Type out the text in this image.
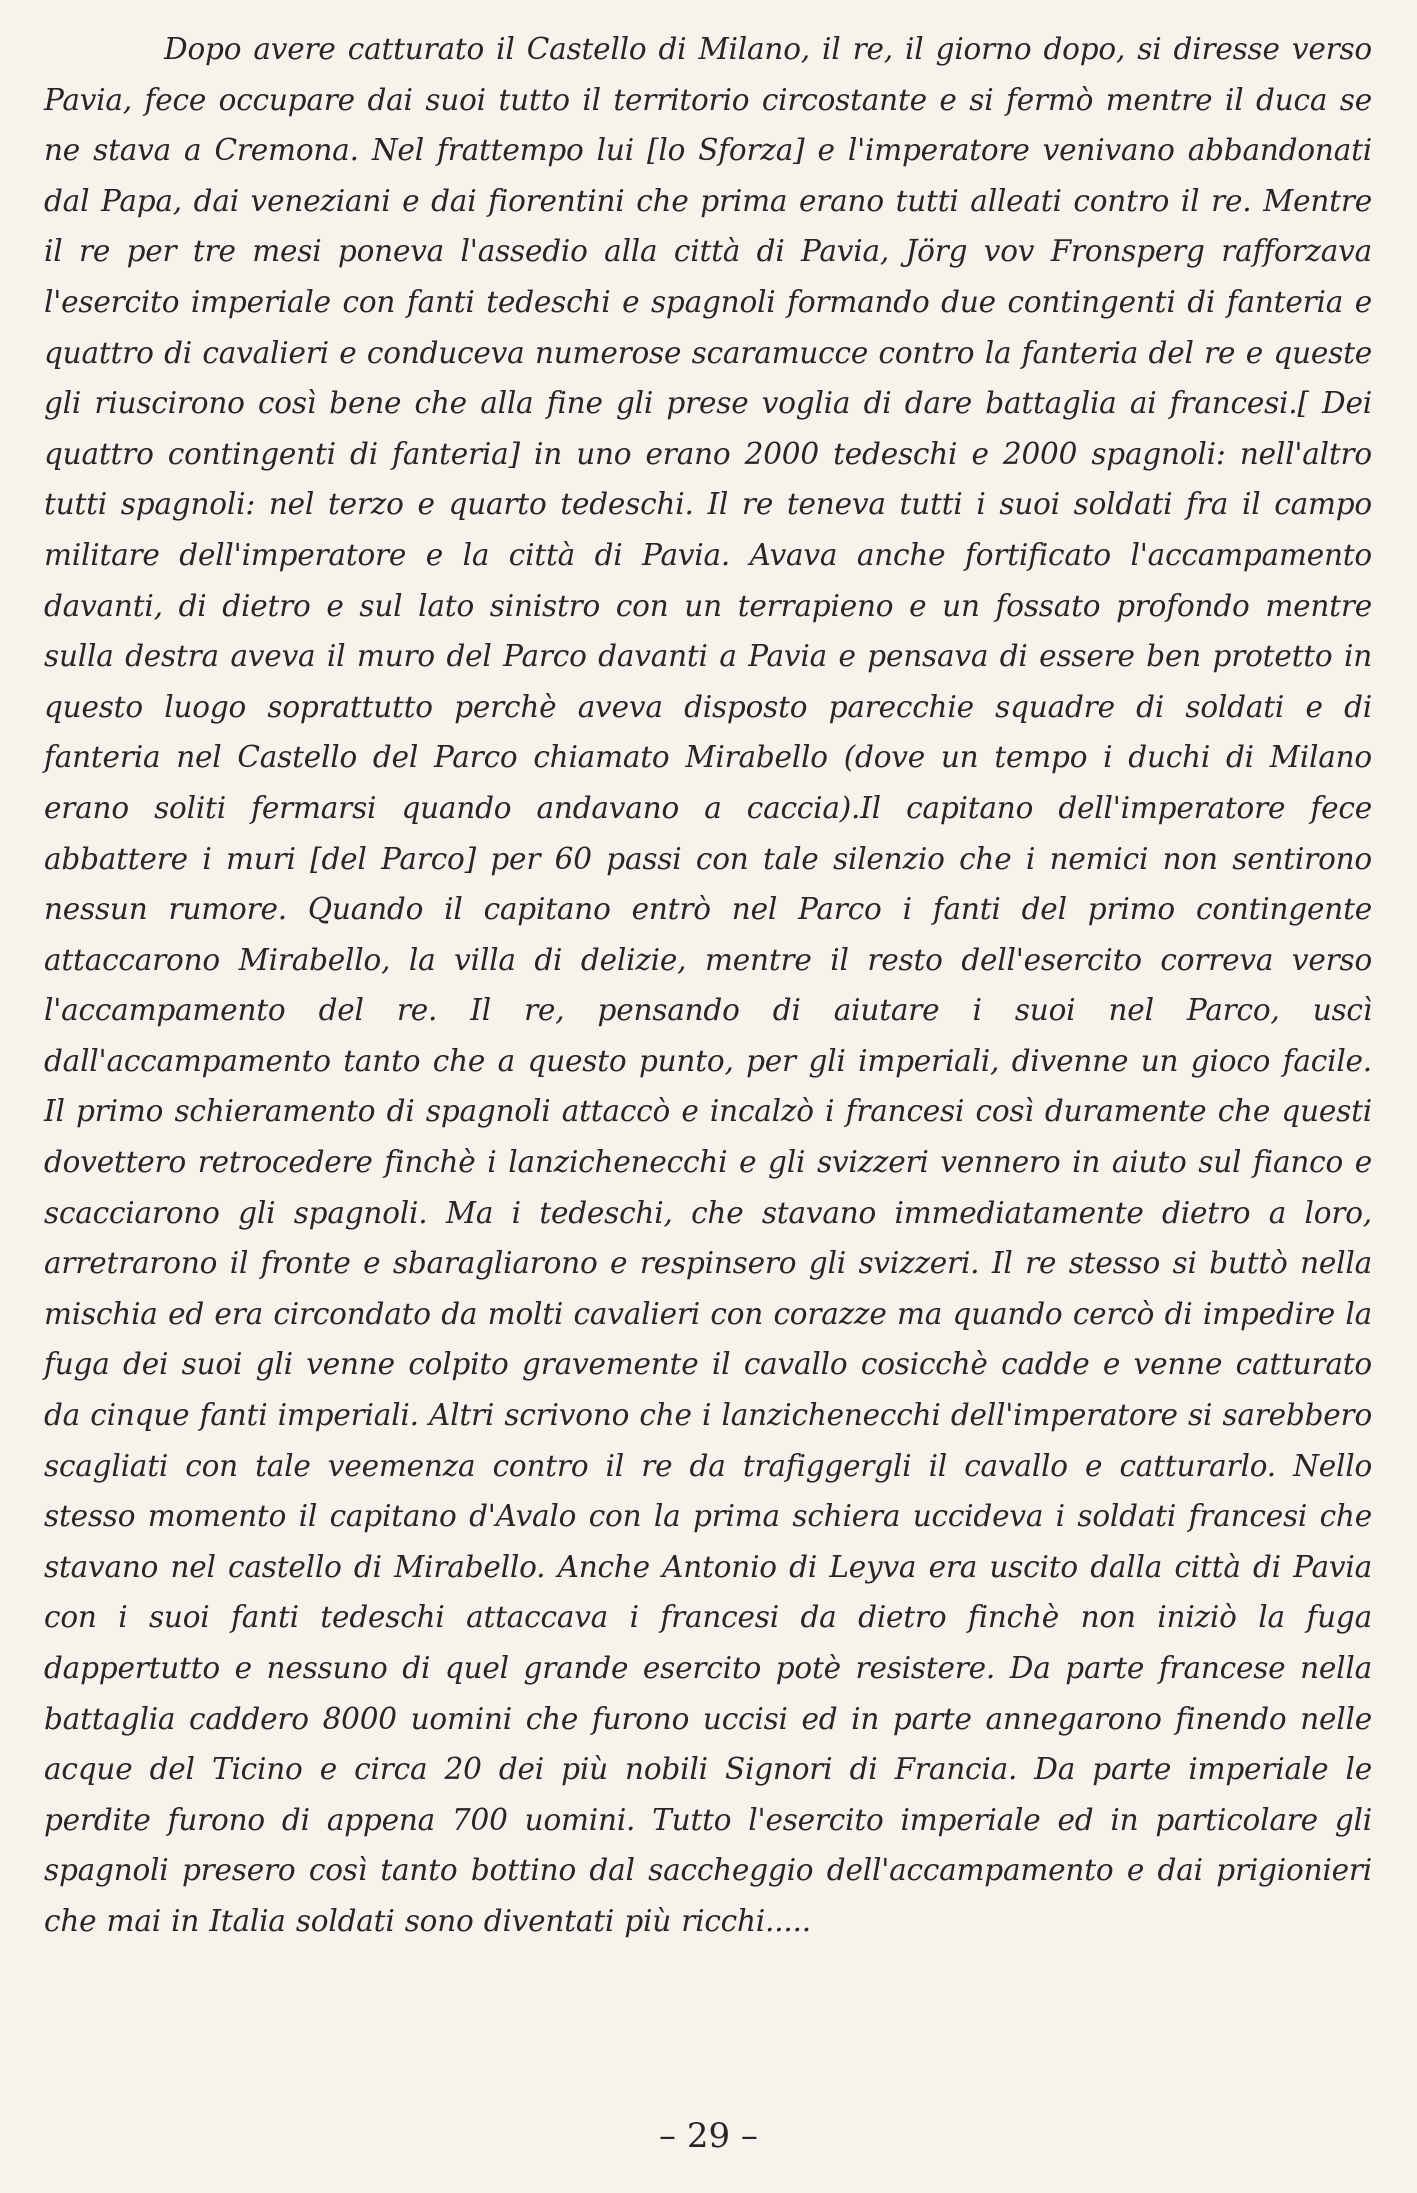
Dopo avere catturato il Castello di Milano, il re, il giorno dopo, si diresse verso Pavia, fece occupare dai suoi tutto il territorio circostante e si fermò mentre il duca se ne stava a Cremona. Nel frattempo lui [lo Sforza] e l'imperatore venivano abbandonati dal Papa, dai veneziani e dai fiorentini che prima erano tutti alleati contro il re. Mentre il re per tre mesi poneva l'assedio alla città di Pavia, Jörg vov Fronsperg rafforzava l'esercito imperiale con fanti tedeschi e spagnoli formando due contingenti di fanteria e quattro di cavalieri e conduceva numerose scaramucce contro la fanteria del re e queste gli riuscirono così bene che alla fine gli prese voglia di dare battaglia ai francesi.[ Dei quattro contingenti di fanteria] in uno erano 2000 tedeschi e 2000 spagnoli: nell'altro tutti spagnoli: nel terzo e quarto tedeschi. Il re teneva tutti i suoi soldati fra il campo militare dell'imperatore e la città di Pavia. Avava anche fortificato l'accampamento davanti, di dietro e sul lato sinistro con un terrapieno e un fossato profondo mentre sulla destra aveva il muro del Parco davanti a Pavia e pensava di essere ben protetto in questo luogo soprattutto perchè aveva disposto parecchie squadre di soldati e di fanteria nel Castello del Parco chiamato Mirabello (dove un tempo i duchi di Milano erano soliti fermarsi quando andavano a caccia).Il capitano dell'imperatore fece abbattere i muri [del Parco] per 60 passi con tale silenzio che i nemici non sentirono nessun rumore. Quando il capitano entrò nel Parco i fanti del primo contingente attaccarono Mirabello, la villa di delizie, mentre il resto dell'esercito correva verso l'accampamento del re. Il re, pensando di aiutare i suoi nel Parco, uscì dall'accampamento tanto che a questo punto, per gli imperiali, divenne un gioco facile. Il primo schieramento di spagnoli attaccò e incalzò i francesi così duramente che questi dovettero retrocedere finchè i lanzichenecchi e gli svizzeri vennero in aiuto sul fianco e scacciarono gli spagnoli. Ma i tedeschi, che stavano immediatamente dietro a loro, arretrarono il fronte e sbaragliarono e respinsero gli svizzeri. Il re stesso si buttò nella mischia ed era circondato da molti cavalieri con corazze ma quando cercò di impedire la fuga dei suoi gli venne colpito gravemente il cavallo cosicchè cadde e venne catturato da cinque fanti imperiali. Altri scrivono che i lanzichenecchi dell'imperatore si sarebbero scagliati con tale veemenza contro il re da trafiggergli il cavallo e catturarlo. Nello stesso momento il capitano d'Avalo con la prima schiera uccideva i soldati francesi che stavano nel castello di Mirabello. Anche Antonio di Leyva era uscito dalla città di Pavia con i suoi fanti tedeschi attaccava i francesi da dietro finchè non iniziò la fuga dappertutto e nessuno di quel grande esercito potè resistere. Da parte francese nella battaglia caddero 8000 uomini che furono uccisi ed in parte annegarono finendo nelle acque del Ticino e circa 20 dei più nobili Signori di Francia. Da parte imperiale le perdite furono di appena 700 uomini. Tutto l'esercito imperiale ed in particolare gli spagnoli presero così tanto bottino dal saccheggio dell'accampamento e dai prigionieri che mai in Italia soldati sono diventati più ricchi.....

– 29 –
